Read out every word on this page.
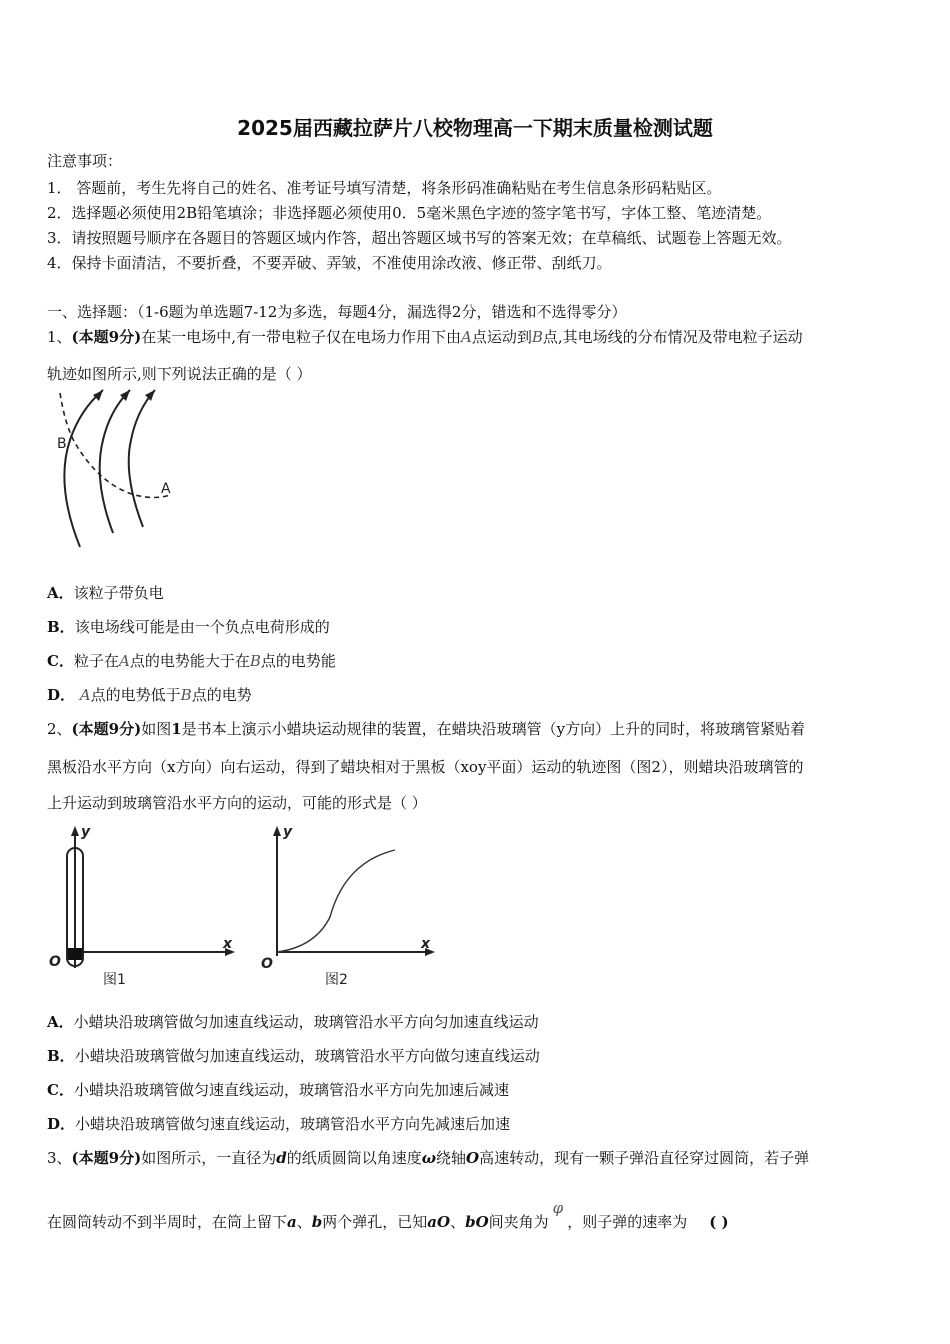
2025届西藏拉萨片八校物理高一下期末质量检测试题
注意事项：
1． 答题前，考生先将自己的姓名、准考证号填写清楚，将条形码准确粘贴在考生信息条形码粘贴区。
2．选择题必须使用2B铅笔填涂；非选择题必须使用0．5毫米黑色字迹的签字笔书写，字体工整、笔迹清楚。
3．请按照题号顺序在各题目的答题区域内作答，超出答题区域书写的答案无效；在草稿纸、试题卷上答题无效。
4．保持卡面清洁，不要折叠，不要弄破、弄皱，不准使用涂改液、修正带、刮纸刀。
一、选择题：（1-6题为单选题7-12为多选，每题4分，漏选得2分，错选和不选得零分）
1、(本题9分)在某一电场中,有一带电粒子仅在电场力作用下由A点运动到B点,其电场线的分布情况及带电粒子运动
轨迹如图所示,则下列说法正确的是（ ）
B
A
A．该粒子带负电
B．该电场线可能是由一个负点电荷形成的
C．粒子在A点的电势能大于在B点的电势能
D． A点的电势低于B点的电势
2、(本题9分)如图1是书本上演示小蜡块运动规律的装置，在蜡块沿玻璃管（y方向）上升的同时，将玻璃管紧贴着
黑板沿水平方向（x方向）向右运动，得到了蜡块相对于黑板（xoy平面）运动的轨迹图（图2），则蜡块沿玻璃管的
上升运动到玻璃管沿水平方向的运动，可能的形式是（ ）
y
x
O
图1
y
x
O
图2
A．小蜡块沿玻璃管做匀加速直线运动，玻璃管沿水平方向匀加速直线运动
B．小蜡块沿玻璃管做匀加速直线运动，玻璃管沿水平方向做匀速直线运动
C．小蜡块沿玻璃管做匀速直线运动，玻璃管沿水平方向先加速后减速
D．小蜡块沿玻璃管做匀速直线运动，玻璃管沿水平方向先减速后加速
3、(本题9分)如图所示，一直径为d的纸质圆筒以角速度ω绕轴O高速转动，现有一颗子弹沿直径穿过圆筒，若子弹
在圆筒转动不到半周时，在筒上留下a、b两个弹孔，已知aO、bO间夹角为φ，则子弹的速率为 ( )
